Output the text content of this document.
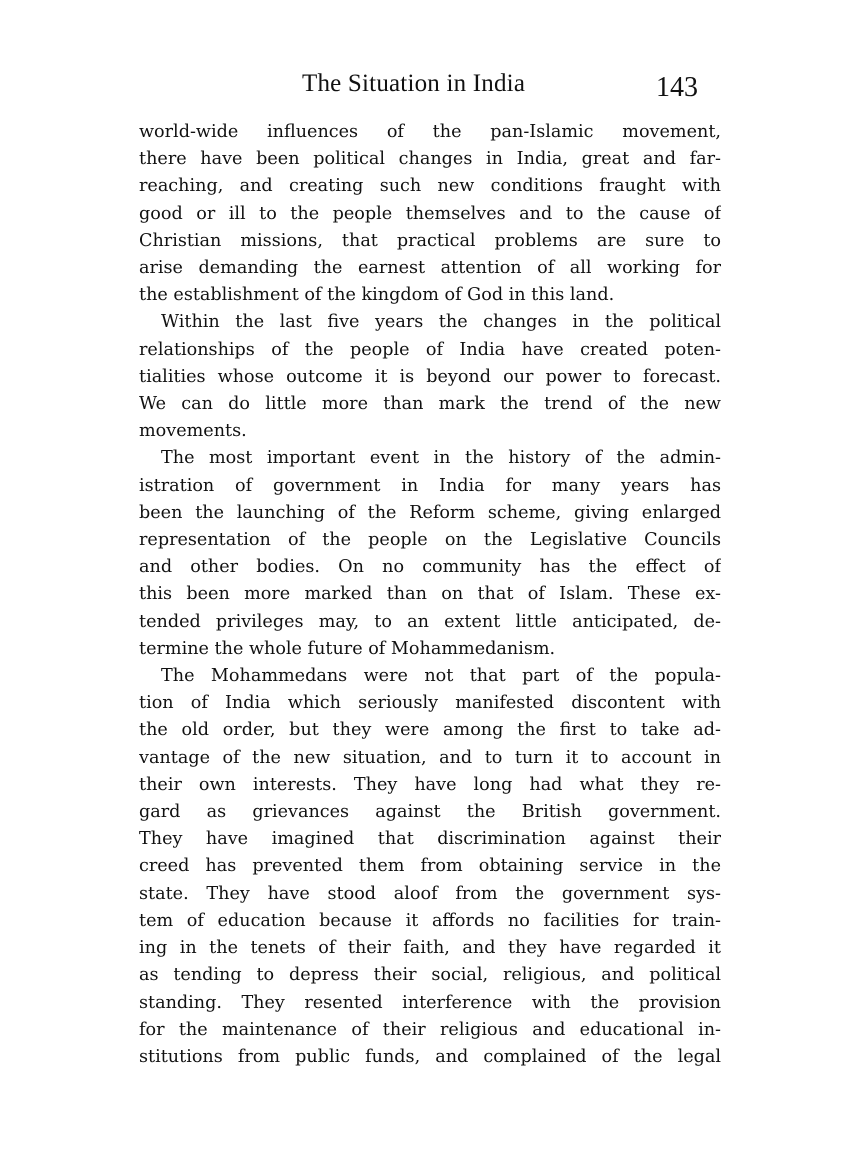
The Situation in India	143
world-wide influences of the pan-Islamic movement,
there have been political changes in India, great and far-
reaching, and creating such new conditions fraught with
good or ill to the people themselves and to the cause of
Christian missions, that practical problems are sure to
arise demanding the earnest attention of all working for
the establishment of the kingdom of God in this land.
Within the last five years the changes in the political
relationships of the people of India have created poten-
tialities whose outcome it is beyond our power to forecast.
We can do little more than mark the trend of the new
movements.
The most important event in the history of the admin-
istration of government in India for many years has
been the launching of the Reform scheme, giving enlarged
representation of the people on the Legislative Councils
and other bodies. On no community has the effect of
this been more marked than on that of Islam. These ex-
tended privileges may, to an extent little anticipated, de-
termine the whole future of Mohammedanism.
The Mohammedans were not that part of the popula-
tion of India which seriously manifested discontent with
the old order, but they were among the first to take ad-
vantage of the new situation, and to turn it to account in
their own interests. They have long had what they re-
gard as grievances against the British government.
They have imagined that discrimination against their
creed has prevented them from obtaining service in the
state. They have stood aloof from the government sys-
tem of education because it affords no facilities for train-
ing in the tenets of their faith, and they have regarded it
as tending to depress their social, religious, and political
standing. They resented interference with the provision
for the maintenance of their religious and educational in-
stitutions from public funds, and complained of the legal
